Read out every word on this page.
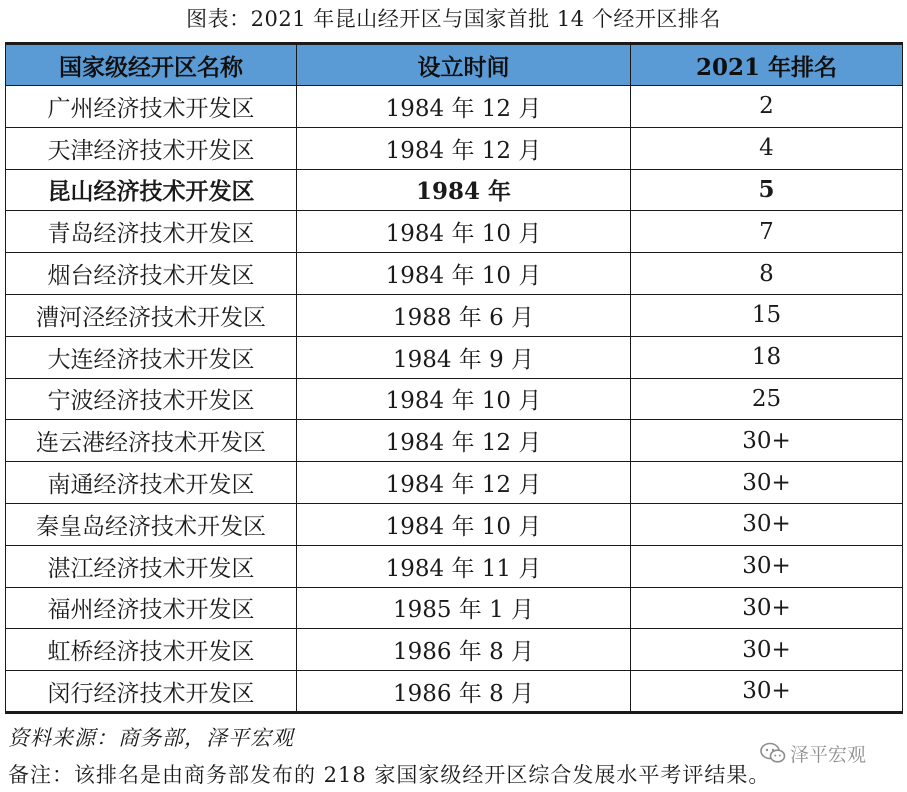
图表：2021 年昆山经开区与国家首批 14 个经开区排名
国家级经开区名称	设立时间	2021 年排名
广州经济技术开发区	1984 年 12 月	2
天津经济技术开发区	1984 年 12 月	4
昆山经济技术开发区	1984 年	5
青岛经济技术开发区	1984 年 10 月	7
烟台经济技术开发区	1984 年 10 月	8
漕河泾经济技术开发区	1988 年 6 月	15
大连经济技术开发区	1984 年 9 月	18
宁波经济技术开发区	1984 年 10 月	25
连云港经济技术开发区	1984 年 12 月	30+
南通经济技术开发区	1984 年 12 月	30+
秦皇岛经济技术开发区	1984 年 10 月	30+
湛江经济技术开发区	1984 年 11 月	30+
福州经济技术开发区	1985 年 1 月	30+
虹桥经济技术开发区	1986 年 8 月	30+
闵行经济技术开发区	1986 年 8 月	30+
资料来源：商务部，泽平宏观
泽平宏观
备注：该排名是由商务部发布的 218 家国家级经开区综合发展水平考评结果。
